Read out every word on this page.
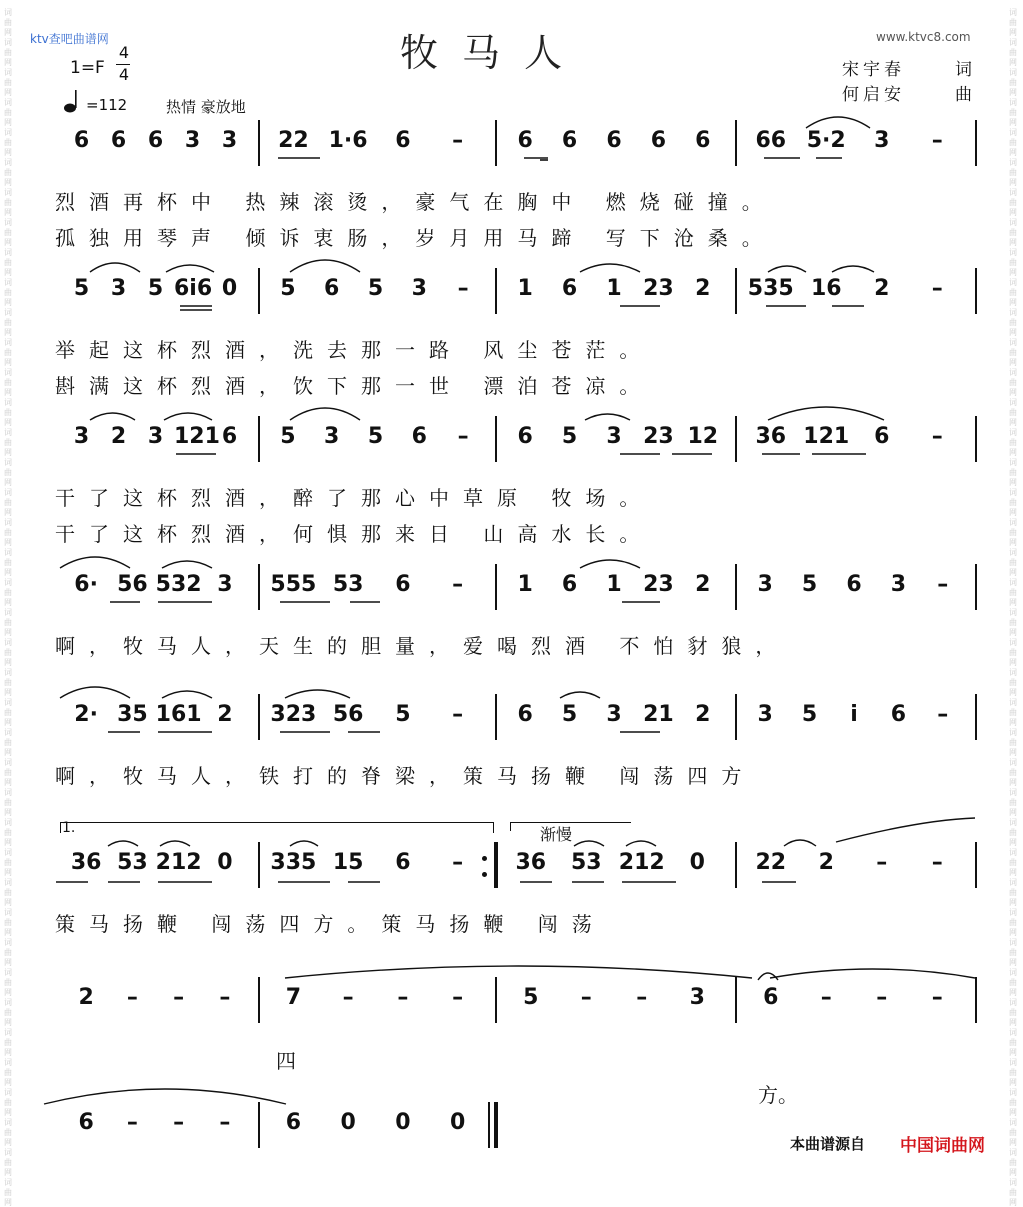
词
曲
网
词
曲
网
词
曲
网
词
曲
网
词
曲
网
词
曲
网
词
曲
网
词
曲
网
词
曲
网
词
曲
网
词
曲
网
词
曲
网
词
曲
网
词
曲
网
词
曲
网
词
曲
网
词
曲
网
词
曲
网
词
曲
网
词
曲
网
词
曲
网
词
曲
网
词
曲
网
词
曲
网
词
曲
网
词
曲
网
词
曲
网
词
曲
网
词
曲
网
词
曲
网
词
曲
网
词
曲
网
词
曲
网
词
曲
网
词
曲
网
词
曲
网
词
曲
网
词
曲
网
词
曲
网
词
曲
网
词
曲
网
词
曲
网
词
曲
网
词
曲
网
词
曲
网
词
曲
网
词
曲
网
词
曲
网
词
曲
网
词
曲
网
词
曲
网
词
曲
网
词
曲
网
词
曲
网
词
曲
网
词
曲
网
词
曲
网
词
曲
网
词
曲
网
词
曲
网
词
曲
网
词
曲
网
词
曲
网
词
曲
网
词
曲
网
词
曲
网
词
曲
网
词
曲
网
词
曲
网
词
曲
网
词
曲
网
词
曲
网
词
曲
网
词
曲
网
词
曲
网
词
曲
网
词
曲
网
词
曲
网
词
曲
网
词
曲
网
ktv查吧曲谱网	www.ktvc8.com
牧马人
1=F
4
4
=112	热情 豪放地
宋宇春	词
何启安	曲
6 6 6 3 3	22 1·6	6	–	6	6	6	6	6	66 5·2	3	–
烈酒再杯中 热辣滚烫，豪气在胸中 燃烧碰撞。
孤独用琴声 倾诉衷肠，岁月用马蹄 写下沧桑。
5 3 5 6i6 0	5	6	5	3	–	1	6	1 23 2	535 16	2	–
举起这杯烈酒，洗去那一路 风尘苍茫。
斟满这杯烈酒，饮下那一世 漂泊苍凉。
3 2 3 121 6	5	3	5	6	–	6	5	3 23 12	36 121	6	–
干了这杯烈酒，醉了那心中草原 牧场。
干了这杯烈酒，何惧那来日 山高水长。
6· 56 532 3	555 53	6	–	1	6	1 23 2	3	5	6	3	–
啊，牧马人，天生的胆量，爱喝烈酒 不怕豺狼，
2· 35 161 2	323 56	5	–	6	5	3 21 2	3	5	i	6	–
啊，牧马人，铁打的脊梁，策马扬鞭 闯荡四方
36 53 212 0	335 15	6	–	36	53 212	0	22	2	–	–
策马扬鞭 闯荡四方。策马扬鞭 闯荡
1.	渐慢
2	–	–	–	7	–	–	–	5	–	–	3	6	–	–	–
四
方。
6	–	–	–	6	0	0	0
本曲谱源自 中国词曲网
